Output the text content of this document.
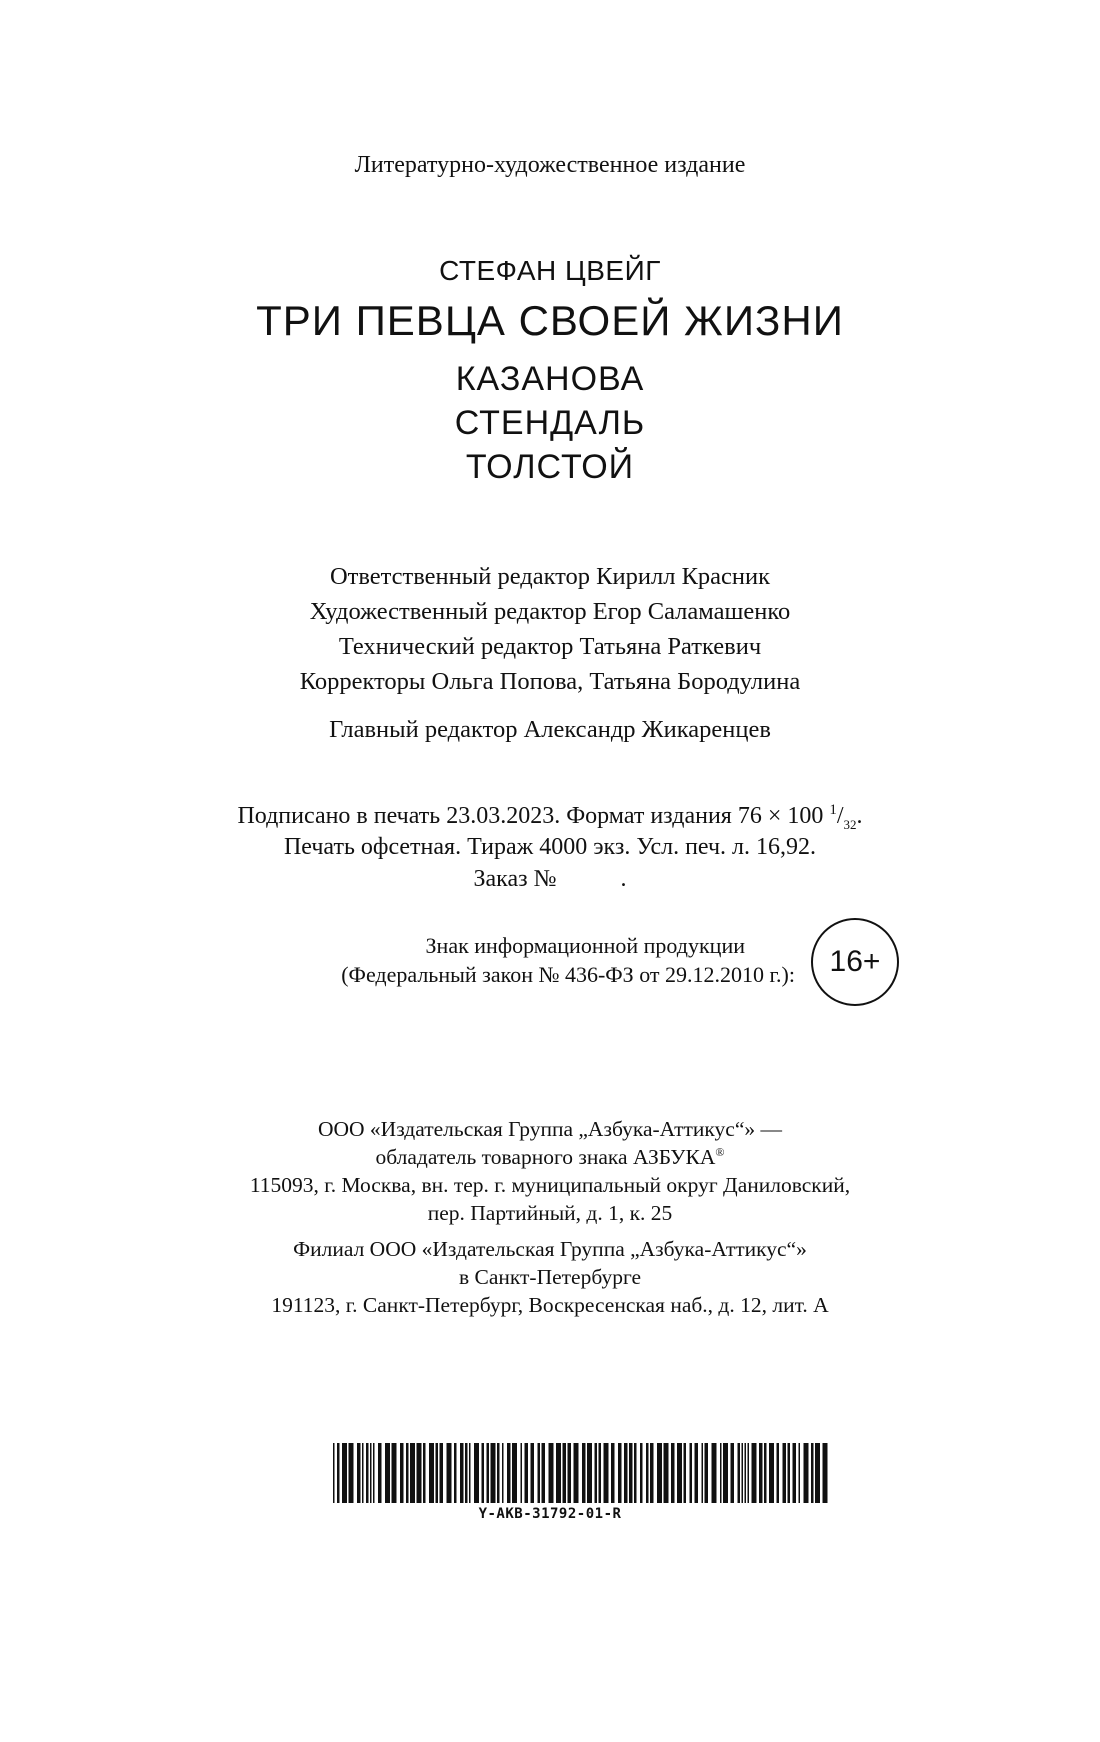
Литературно-художественное издание
СТЕФАН ЦВЕЙГ
ТРИ ПЕВЦА СВОЕЙ ЖИЗНИ
КАЗАНОВА
СТЕНДАЛЬ
ТОЛСТОЙ
Ответственный редактор Кирилл Красник
Художественный редактор Егор Саламашенко
Технический редактор Татьяна Раткевич
Корректоры Ольга Попова, Татьяна Бородулина
Главный редактор Александр Жикаренцев
Подписано в печать 23.03.2023. Формат издания 76 × 100 $^1/_{32}$.
Печать офсетная. Тираж 4000 экз. Усл. печ. л. 16,92.
Заказ №	.
Знак информационной продукции
(Федеральный закон № 436-ФЗ от 29.12.2010 г.):	16+
ООО «Издательская Группа „Азбука-Аттикус“» —
обладатель товарного знака АЗБУКА®
115093, г. Москва, вн. тер. г. муниципальный округ Даниловский,
пер. Партийный, д. 1, к. 25
Филиал ООО «Издательская Группа „Азбука-Аттикус“»
в Санкт-Петербурге
191123, г. Санкт-Петербург, Воскресенская наб., д. 12, лит. А
Y-AKB-31792-01-R
